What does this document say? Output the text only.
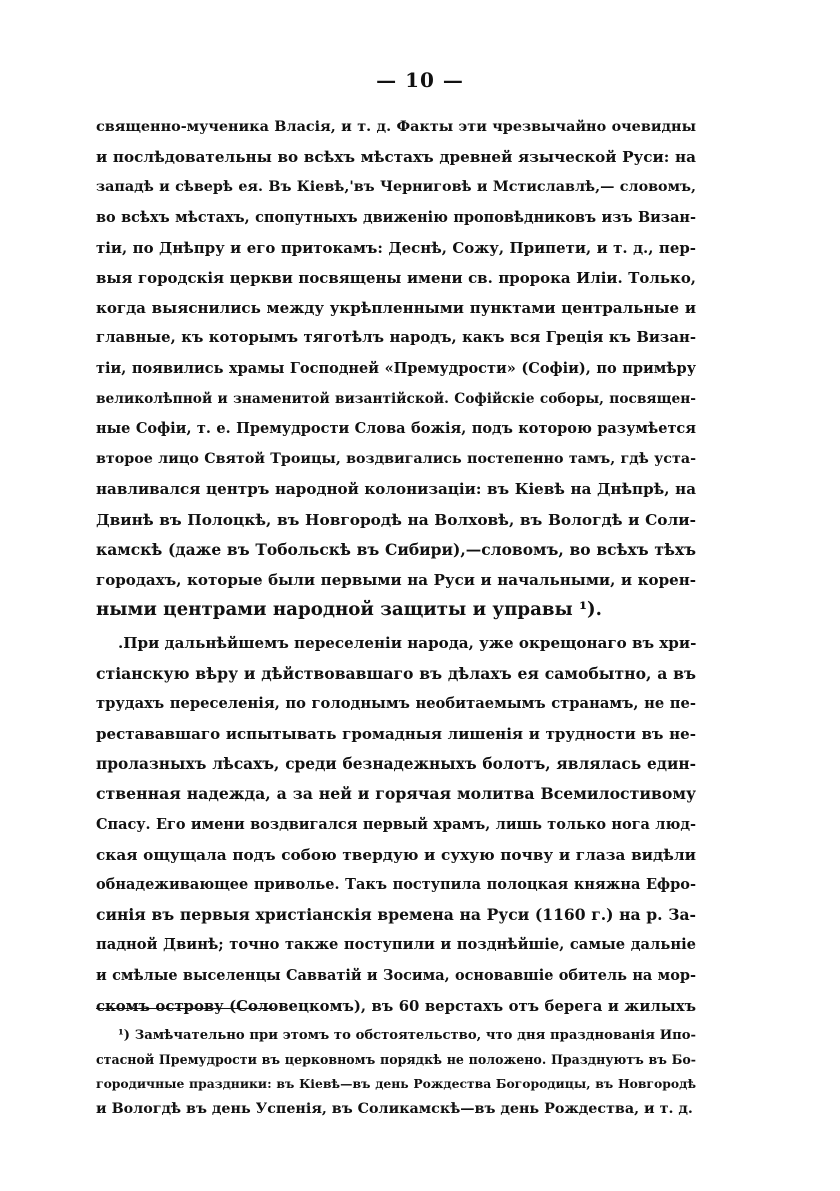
— 10 —
священно-мученика Власія, и т. д. Факты эти чрезвычайно очевидны
и послѣдовательны во всѣхъ мѣстахъ древней языческой Руси: на
западѣ и сѣверѣ ея. Въ Кіевѣ,'въ Черниговѣ и Мстиславлѣ,— словомъ,
во всѣхъ мѣстахъ, спопутныхъ движенію проповѣдниковъ изъ Визан-
тіи, по Днѣпру и его притокамъ: Деснѣ, Сожу, Припети, и т. д., пер-
выя городскія церкви посвящены имени св. пророка Иліи. Только,
когда выяснились между укрѣпленными пунктами центральные и
главные, къ которымъ тяготѣлъ народъ, какъ вся Греція къ Визан-
тіи, появились храмы Господней «Премудрости» (Софіи), по примѣру
великолѣпной и знаменитой византійской. Софійскіе соборы, посвящен-
ные Софіи, т. е. Премудрости Слова божія, подъ которою разумѣется
второе лицо Святой Троицы, воздвигались постепенно тамъ, гдѣ уста-
навливался центръ народной колонизаціи: въ Кіевѣ на Днѣпрѣ, на
Двинѣ въ Полоцкѣ, въ Новгородѣ на Волховѣ, въ Вологдѣ и Соли-
камскѣ (даже въ Тобольскѣ въ Сибири),—словомъ, во всѣхъ тѣхъ
городахъ, которые были первыми на Руси и начальными, и корен-
ными центрами народной защиты и управы ¹).
.При дальнѣйшемъ переселеніи народа, уже окрещонаго въ хри-
стіанскую вѣру и дѣйствовавшаго въ дѣлахъ ея самобытно, а въ
трудахъ переселенія, по голоднымъ необитаемымъ странамъ, не пе-
рестававшаго испытывать громадныя лишенія и трудности въ не-
пролазныхъ лѣсахъ, среди безнадежныхъ болотъ, являлась един-
ственная надежда, а за ней и горячая молитва Всемилостивому
Спасу. Его имени воздвигался первый храмъ, лишь только нога люд-
ская ощущала подъ собою твердую и сухую почву и глаза видѣли
обнадеживающее приволье. Такъ поступила полоцкая княжна Ефро-
синія въ первыя христіанскія времена на Руси (1160 г.) на р. За-
падной Двинѣ; точно также поступили и позднѣйшіе, самые дальніе
и смѣлые выселенцы Савватій и Зосима, основавшіе обитель на мор-
скомъ острову (Соловецкомъ), въ 60 верстахъ отъ берега и жилыхъ
¹) Замѣчательно при этомъ то обстоятельство, что дня празднованія Ипо-
стасной Премудрости въ церковномъ порядкѣ не положено. Празднуютъ въ Бо-
городичные праздники: въ Кіевѣ—въ день Рождества Богородицы, въ Новгородѣ
и Вологдѣ въ день Успенія, въ Соликамскѣ—въ день Рождества, и т. д.
